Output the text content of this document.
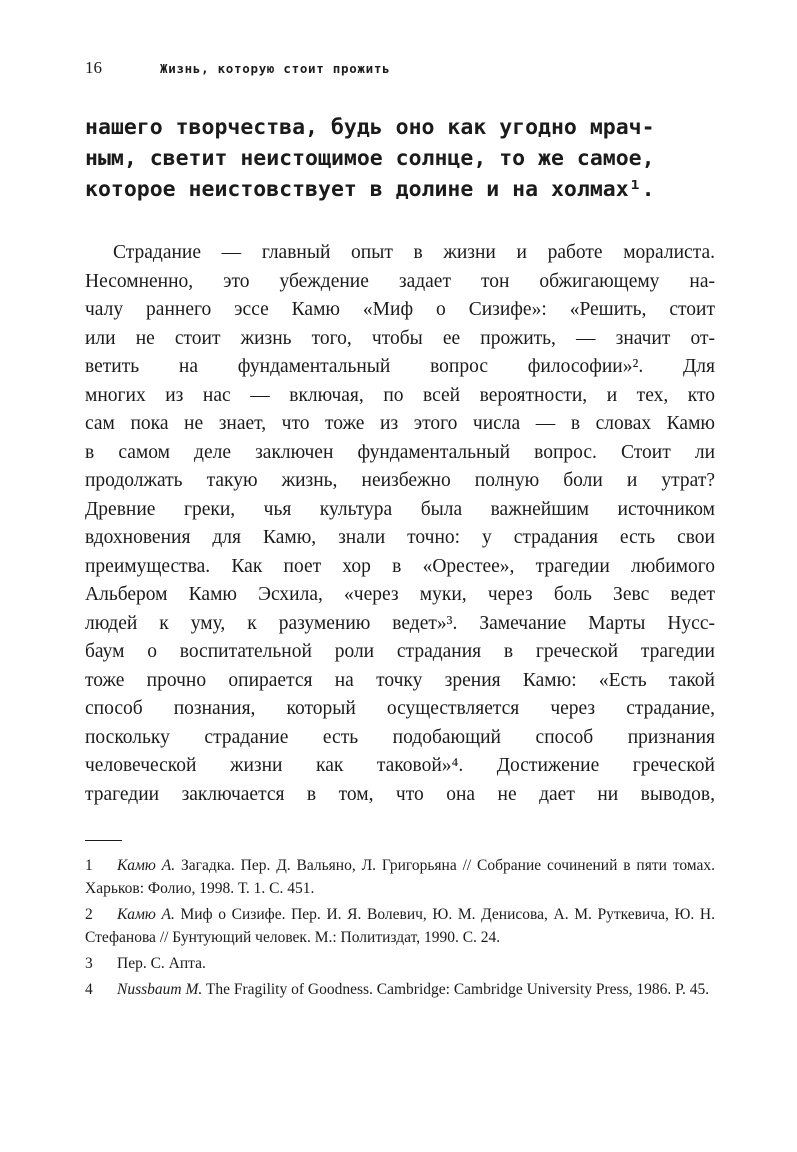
16	Жизнь, которую стоит прожить
нашего творчества, будь оно как угодно мрач-
ным, светит неистощимое солнце, то же самое,
которое неистовствует в долине и на холмах¹.
Страдание — главный опыт в жизни и работе моралиста.
Несомненно, это убеждение задает тон обжигающему на-
чалу раннего эссе Камю «Миф о Сизифе»: «Решить, стоит
или не стоит жизнь того, чтобы ее прожить, — значит от-
ветить на фундаментальный вопрос философии»². Для
многих из нас — включая, по всей вероятности, и тех, кто
сам пока не знает, что тоже из этого числа — в словах Камю
в самом деле заключен фундаментальный вопрос. Стоит ли
продолжать такую жизнь, неизбежно полную боли и утрат?
Древние греки, чья культура была важнейшим источником
вдохновения для Камю, знали точно: у страдания есть свои
преимущества. Как поет хор в «Орестее», трагедии любимого
Альбером Камю Эсхила, «через муки, через боль Зевс ведет
людей к уму, к разумению ведет»³. Замечание Марты Нусс-
баум о воспитательной роли страдания в греческой трагедии
тоже прочно опирается на точку зрения Камю: «Есть такой
способ познания, который осуществляется через страдание,
поскольку страдание есть подобающий способ признания
человеческой жизни как таковой»⁴. Достижение греческой
трагедии заключается в том, что она не дает ни выводов,
1 Камю А. Загадка. Пер. Д. Вальяно, Л. Григорьяна // Собрание сочинений в пяти томах. Харьков: Фолио, 1998. Т. 1. С. 451.
2 Камю А. Миф о Сизифе. Пер. И. Я. Волевич, Ю. М. Денисова, А. М. Руткевича, Ю. Н. Стефанова // Бунтующий человек. М.: Политиздат, 1990. С. 24.
3 Пер. С. Апта.
4 Nussbaum M. The Fragility of Goodness. Cambridge: Cambridge University Press, 1986. P. 45.
